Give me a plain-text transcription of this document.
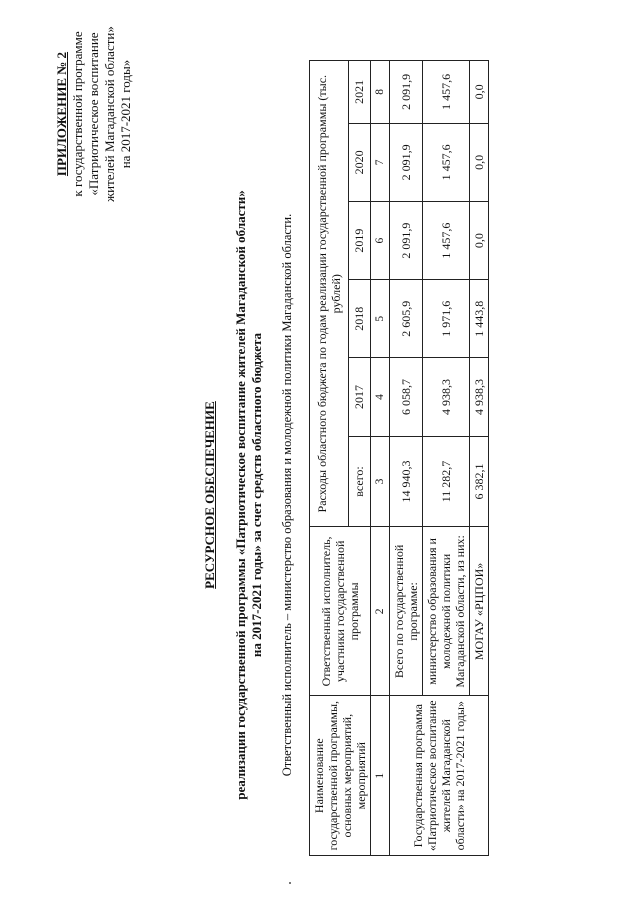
ПРИЛОЖЕНИЕ № 2 к государственной программе «Патриотическое воспитание жителей Магаданской области» на 2017-2021 годы»
РЕСУРСНОЕ ОБЕСПЕЧЕНИЕ реализации государственной программы «Патриотическое воспитание жителей Магаданской области» на 2017-2021 годы» за счет средств областного бюджета Ответственный исполнитель – министерство образования и молодежной политики Магаданской области. Наименование государственной программы, основных мероприятий, мероприятий	Ответственный исполнитель, участники государственной программы	Расходы областного бюджета по годам реализации государственной программы (тыс. рублей)					
		всего:	2017	2018	2019	2020	2021
1	2	3	4	5	6	7	8
Государственная программа «Патриотическое воспитание жителей Магаданской области» на 2017-2021 годы»	Всего по государственной программе:	14 940,3	6 058,7	2 605,9	2 091,9	2 091,9	2 091,9
	министерство образования и молодежной политики Магаданской области, из них:	11 282,7	4 938,3	1 971,6	1 457,6	1 457,6	1 457,6
	МОГАУ «РЦПОИ»	6 382,1	4 938,3	1 443,8	0,0	0,0	0,0
